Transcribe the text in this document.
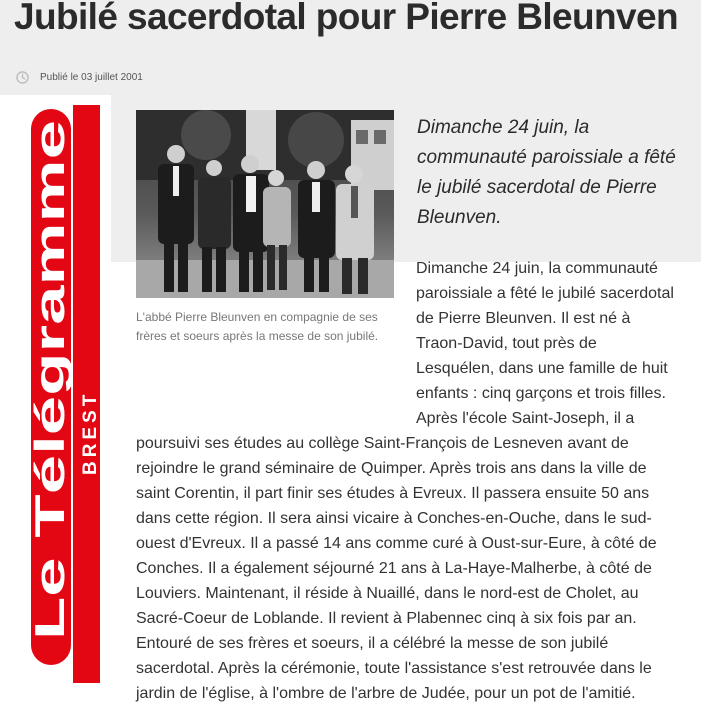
Jubilé sacerdotal pour Pierre Bleunven
Publié le 03 juillet 2001
Le Télégramme BREST
L'abbé Pierre Bleunven en compagnie de ses frères et soeurs après la messe de son jubilé.

Dimanche 24 juin, la communauté paroissiale a fêté le jubilé sacerdotal de Pierre Bleunven.

Dimanche 24 juin, la communauté paroissiale a fêté le jubilé sacerdotal de Pierre Bleunven. Il est né à Traon-David, tout près de Lesquélen, dans une famille de huit enfants : cinq garçons et trois filles. Après l'école Saint-Joseph, il a poursuivi ses études au collège Saint-François de Lesneven avant de rejoindre le grand séminaire de Quimper. Après trois ans dans la ville de saint Corentin, il part finir ses études à Evreux. Il passera ensuite 50 ans dans cette région. Il sera ainsi vicaire à Conches-en-Ouche, dans le sud-ouest d'Evreux. Il a passé 14 ans comme curé à Oust-sur-Eure, à côté de Conches. Il a également séjourné 21 ans à La-Haye-Malherbe, à côté de Louviers. Maintenant, il réside à Nuaillé, dans le nord-est de Cholet, au Sacré-Coeur de Loblande. Il revient à Plabennec cinq à six fois par an. Entouré de ses frères et soeurs, il a célébré la messe de son jubilé sacerdotal. Après la cérémonie, toute l'assistance s'est retrouvée dans le jardin de l'église, à l'ombre de l'arbre de Judée, pour un pot de l'amitié.
